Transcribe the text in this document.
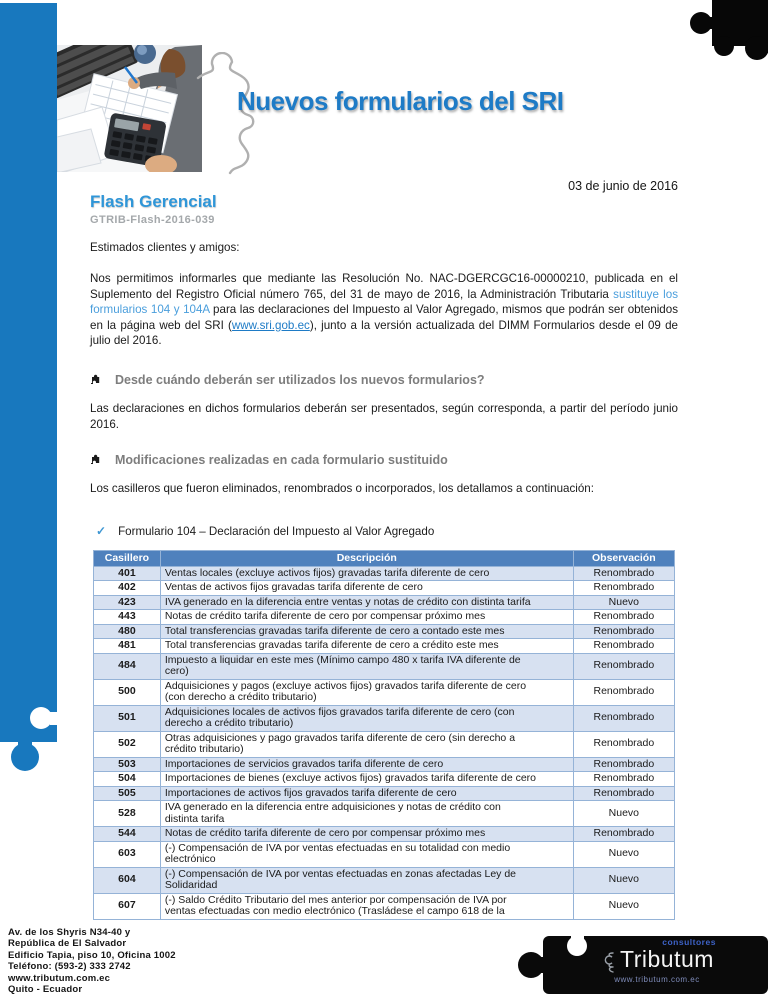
Nuevos formularios del SRI
03 de junio de 2016
Flash Gerencial
GTRIB-Flash-2016-039
Estimados clientes y amigos:
Nos permitimos informarles que mediante las Resolución No. NAC-DGERCGC16-00000210, publicada en el Suplemento del Registro Oficial número 765, del 31 de mayo de 2016, la Administración Tributaria sustituye los formularios 104 y 104A para las declaraciones del Impuesto al Valor Agregado, mismos que podrán ser obtenidos en la página web del SRI (www.sri.gob.ec), junto a la versión actualizada del DIMM Formularios desde el 09 de julio del 2016.
Desde cuándo deberán ser utilizados los nuevos formularios?
Las declaraciones en dichos formularios deberán ser presentados, según corresponda, a partir del período junio 2016.
Modificaciones realizadas en cada formulario sustituido
Los casilleros que fueron eliminados, renombrados o incorporados, los detallamos a continuación:
✓ Formulario 104 – Declaración del Impuesto al Valor Agregado
Casillero	Descripción	Observación
401	Ventas locales (excluye activos fijos) gravadas tarifa diferente de cero	Renombrado
402	Ventas de activos fijos gravadas tarifa diferente de cero	Renombrado
423	IVA generado en la diferencia entre ventas y notas de crédito con distinta tarifa	Nuevo
443	Notas de crédito tarifa diferente de cero por compensar próximo mes	Renombrado
480	Total transferencias gravadas tarifa diferente de cero a contado este mes	Renombrado
481	Total transferencias gravadas tarifa diferente de cero a crédito este mes	Renombrado
484	Impuesto a liquidar en este mes (Mínimo campo 480 x tarifa IVA diferente de cero)	Renombrado
500	Adquisiciones y pagos (excluye activos fijos) gravados tarifa diferente de cero (con derecho a crédito tributario)	Renombrado
501	Adquisiciones locales de activos fijos gravados tarifa diferente de cero (con derecho a crédito tributario)	Renombrado
502	Otras adquisiciones y pago gravados tarifa diferente de cero (sin derecho a crédito tributario)	Renombrado
503	Importaciones de servicios gravados tarifa diferente de cero	Renombrado
504	Importaciones de bienes (excluye activos fijos) gravados tarifa diferente de cero	Renombrado
505	Importaciones de activos fijos gravados tarifa diferente de cero	Renombrado
528	IVA generado en la diferencia entre adquisiciones y notas de crédito con distinta tarifa	Nuevo
544	Notas de crédito tarifa diferente de cero por compensar próximo mes	Renombrado
603	(-) Compensación de IVA por ventas efectuadas en su totalidad con medio electrónico	Nuevo
604	(-) Compensación de IVA por ventas efectuadas en zonas afectadas Ley de Solidaridad	Nuevo
607	(-) Saldo Crédito Tributario del mes anterior por compensación de IVA por ventas efectuadas con medio electrónico (Trasládese el campo 618 de la	Nuevo
Av. de los Shyris N34-40 y
República de El Salvador
Edificio Tapia, piso 10, Oficina 1002
Teléfono: (593-2) 333 2742
www.tributum.com.ec
Quito - Ecuador
Tributum
consultores
www.tributum.com.ec
